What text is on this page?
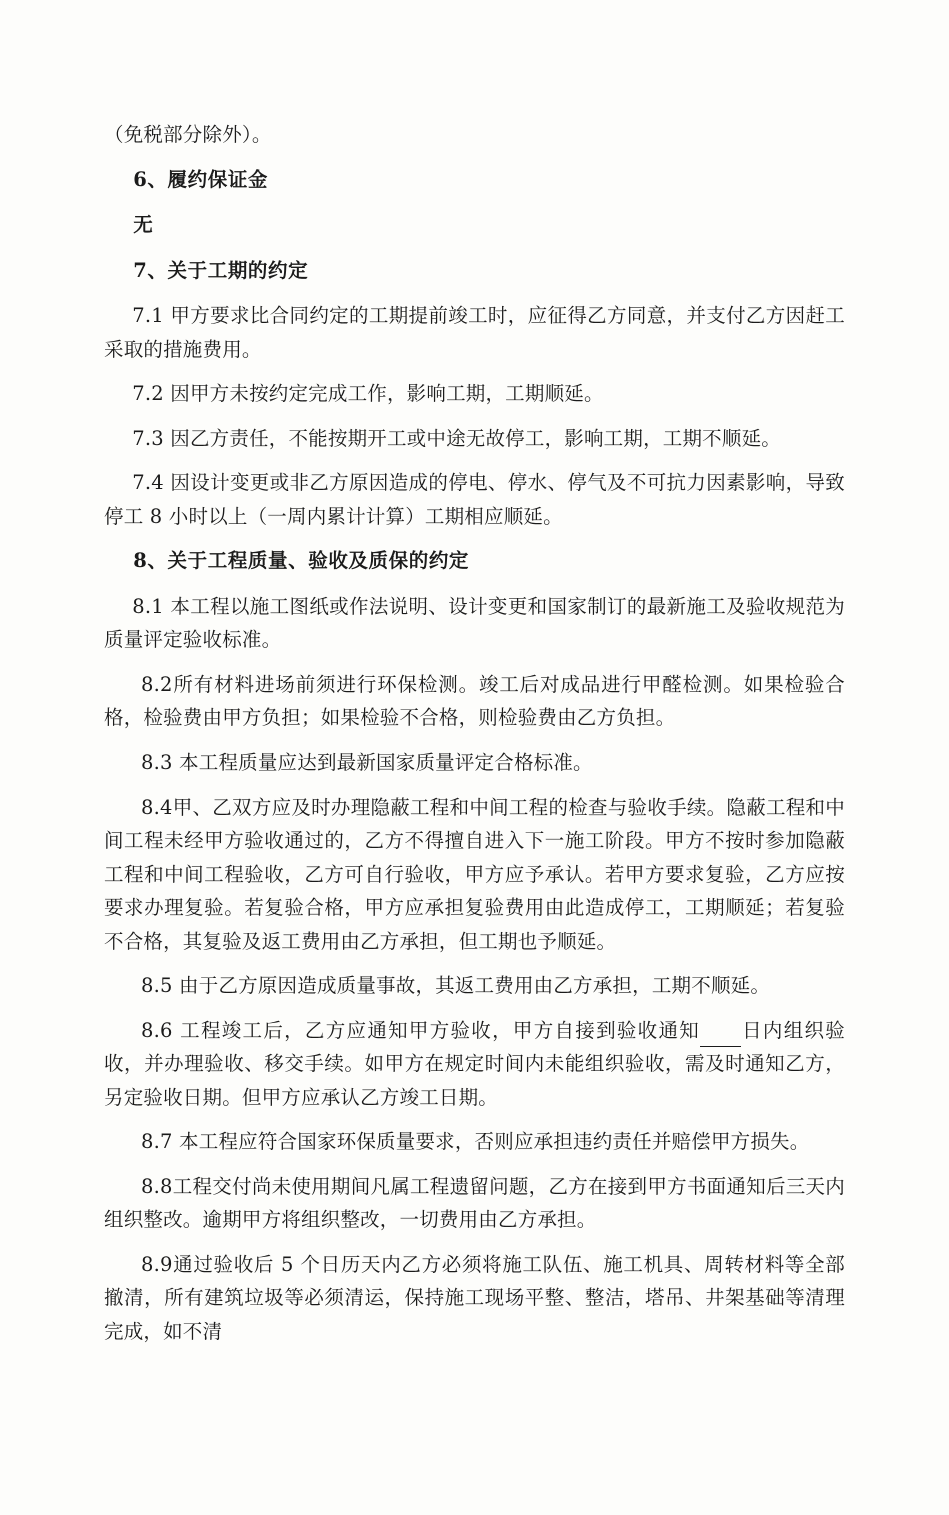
（免税部分除外）。

6、履约保证金

无

7、关于工期的约定

7.1 甲方要求比合同约定的工期提前竣工时，应征得乙方同意，并支付乙方因赶工采取的措施费用。

7.2 因甲方未按约定完成工作，影响工期，工期顺延。

7.3 因乙方责任，不能按期开工或中途无故停工，影响工期，工期不顺延。

7.4 因设计变更或非乙方原因造成的停电、停水、停气及不可抗力因素影响，导致停工 8 小时以上（一周内累计计算）工期相应顺延。

8、关于工程质量、验收及质保的约定

8.1 本工程以施工图纸或作法说明、设计变更和国家制订的最新施工及验收规范为质量评定验收标准。

8.2所有材料进场前须进行环保检测。竣工后对成品进行甲醛检测。如果检验合格，检验费由甲方负担；如果检验不合格，则检验费由乙方负担。

8.3 本工程质量应达到最新国家质量评定合格标准。

8.4甲、乙双方应及时办理隐蔽工程和中间工程的检查与验收手续。隐蔽工程和中间工程未经甲方验收通过的，乙方不得擅自进入下一施工阶段。甲方不按时参加隐蔽工程和中间工程验收，乙方可自行验收，甲方应予承认。若甲方要求复验，乙方应按要求办理复验。若复验合格，甲方应承担复验费用由此造成停工，工期顺延；若复验不合格，其复验及返工费用由乙方承担，但工期也予顺延。

8.5 由于乙方原因造成质量事故，其返工费用由乙方承担，工期不顺延。

8.6 工程竣工后，乙方应通知甲方验收，甲方自接到验收通知 日内组织验收，并办理验收、移交手续。如甲方在规定时间内未能组织验收，需及时通知乙方，另定验收日期。但甲方应承认乙方竣工日期。

8.7 本工程应符合国家环保质量要求，否则应承担违约责任并赔偿甲方损失。

8.8工程交付尚未使用期间凡属工程遗留问题，乙方在接到甲方书面通知后三天内组织整改。逾期甲方将组织整改，一切费用由乙方承担。

8.9通过验收后 5 个日历天内乙方必须将施工队伍、施工机具、周转材料等全部撤清，所有建筑垃圾等必须清运，保持施工现场平整、整洁，塔吊、井架基础等清理完成，如不清
